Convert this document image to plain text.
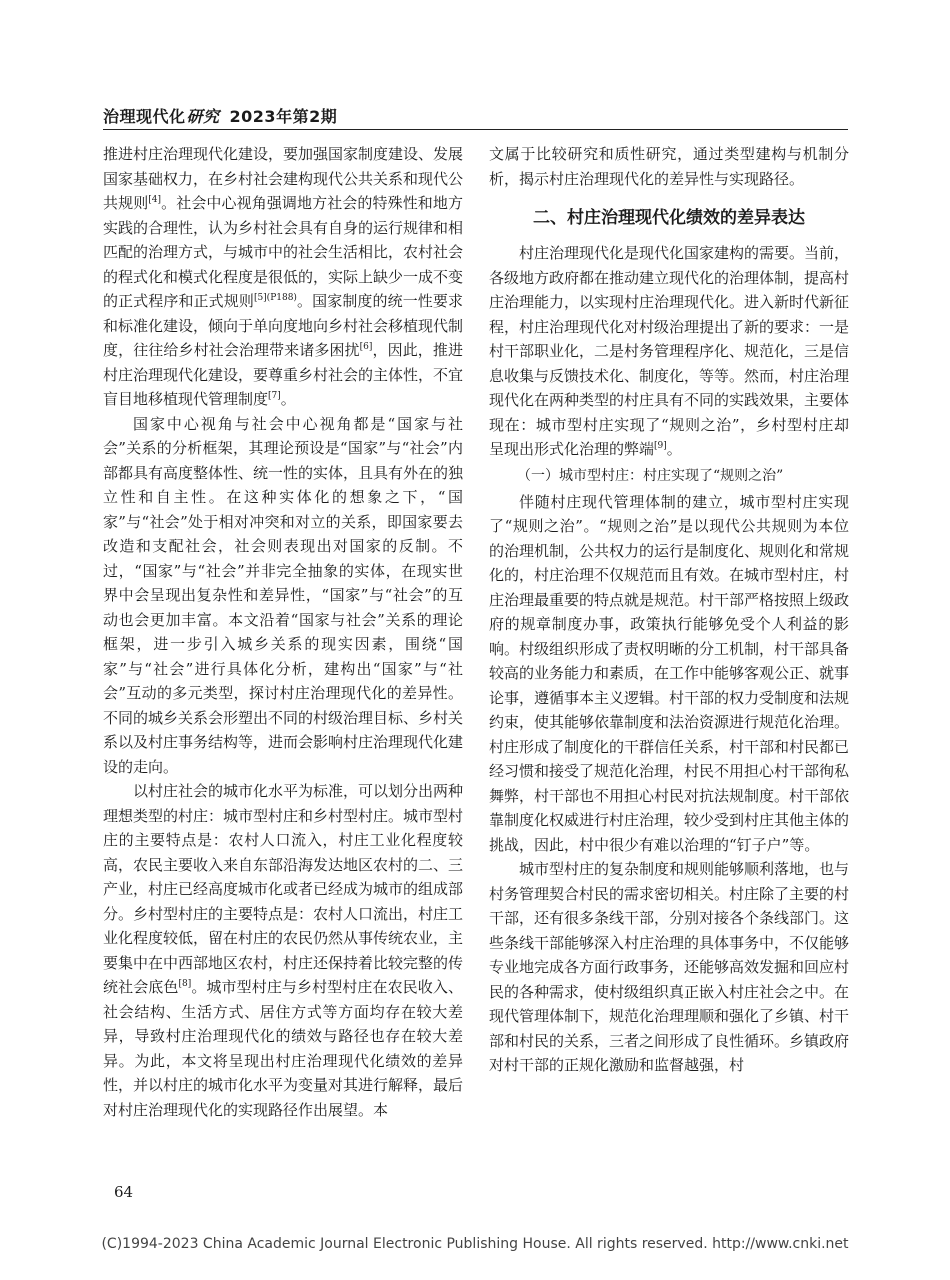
治理现代化研究 2023年第2期

推进村庄治理现代化建设，要加强国家制度建设、发展国家基础权力，在乡村社会建构现代公共关系和现代公共规则[4]。社会中心视角强调地方社会的特殊性和地方实践的合理性，认为乡村社会具有自身的运行规律和相匹配的治理方式，与城市中的社会生活相比，农村社会的程式化和模式化程度是很低的，实际上缺少一成不变的正式程序和正式规则$^{[5](P188)}$。国家制度的统一性要求和标准化建设，倾向于单向度地向乡村社会移植现代制度，往往给乡村社会治理带来诸多困扰[6]，因此，推进村庄治理现代化建设，要尊重乡村社会的主体性，不宜盲目地移植现代管理制度[7]。

国家中心视角与社会中心视角都是“国家与社会”关系的分析框架，其理论预设是“国家”与“社会”内部都具有高度整体性、统一性的实体，且具有外在的独立性和自主性。在这种实体化的想象之下，“国家”与“社会”处于相对冲突和对立的关系，即国家要去改造和支配社会，社会则表现出对国家的反制。不过，“国家”与“社会”并非完全抽象的实体，在现实世界中会呈现出复杂性和差异性，“国家”与“社会”的互动也会更加丰富。本文沿着“国家与社会”关系的理论框架，进一步引入城乡关系的现实因素，围绕“国家”与“社会”进行具体化分析，建构出“国家”与“社会”互动的多元类型，探讨村庄治理现代化的差异性。不同的城乡关系会形塑出不同的村级治理目标、乡村关系以及村庄事务结构等，进而会影响村庄治理现代化建设的走向。

以村庄社会的城市化水平为标准，可以划分出两种理想类型的村庄：城市型村庄和乡村型村庄。城市型村庄的主要特点是：农村人口流入，村庄工业化程度较高，农民主要收入来自东部沿海发达地区农村的二、三产业，村庄已经高度城市化或者已经成为城市的组成部分。乡村型村庄的主要特点是：农村人口流出，村庄工业化程度较低，留在村庄的农民仍然从事传统农业，主要集中在中西部地区农村，村庄还保持着比较完整的传统社会底色[8]。城市型村庄与乡村型村庄在农民收入、社会结构、生活方式、居住方式等方面均存在较大差异，导致村庄治理现代化的绩效与路径也存在较大差异。为此，本文将呈现出村庄治理现代化绩效的差异性，并以村庄的城市化水平为变量对其进行解释，最后对村庄治理现代化的实现路径作出展望。本

文属于比较研究和质性研究，通过类型建构与机制分析，揭示村庄治理现代化的差异性与实现路径。

二、村庄治理现代化绩效的差异表达

村庄治理现代化是现代化国家建构的需要。当前，各级地方政府都在推动建立现代化的治理体制，提高村庄治理能力，以实现村庄治理现代化。进入新时代新征程，村庄治理现代化对村级治理提出了新的要求：一是村干部职业化，二是村务管理程序化、规范化，三是信息收集与反馈技术化、制度化，等等。然而，村庄治理现代化在两种类型的村庄具有不同的实践效果，主要体现在：城市型村庄实现了“规则之治”，乡村型村庄却呈现出形式化治理的弊端[9]。

（一）城市型村庄：村庄实现了“规则之治”

伴随村庄现代管理体制的建立，城市型村庄实现了“规则之治”。“规则之治”是以现代公共规则为本位的治理机制，公共权力的运行是制度化、规则化和常规化的，村庄治理不仅规范而且有效。在城市型村庄，村庄治理最重要的特点就是规范。村干部严格按照上级政府的规章制度办事，政策执行能够免受个人利益的影响。村级组织形成了责权明晰的分工机制，村干部具备较高的业务能力和素质，在工作中能够客观公正、就事论事，遵循事本主义逻辑。村干部的权力受制度和法规约束，使其能够依靠制度和法治资源进行规范化治理。村庄形成了制度化的干群信任关系，村干部和村民都已经习惯和接受了规范化治理，村民不用担心村干部徇私舞弊，村干部也不用担心村民对抗法规制度。村干部依靠制度化权威进行村庄治理，较少受到村庄其他主体的挑战，因此，村中很少有难以治理的“钉子户”等。

城市型村庄的复杂制度和规则能够顺利落地，也与村务管理契合村民的需求密切相关。村庄除了主要的村干部，还有很多条线干部，分别对接各个条线部门。这些条线干部能够深入村庄治理的具体事务中，不仅能够专业地完成各方面行政事务，还能够高效发掘和回应村民的各种需求，使村级组织真正嵌入村庄社会之中。在现代管理体制下，规范化治理理顺和强化了乡镇、村干部和村民的关系，三者之间形成了良性循环。乡镇政府对村干部的正规化激励和监督越强，村

64
(C)1994-2023 China Academic Journal Electronic Publishing House. All rights reserved. http://www.cnki.net
